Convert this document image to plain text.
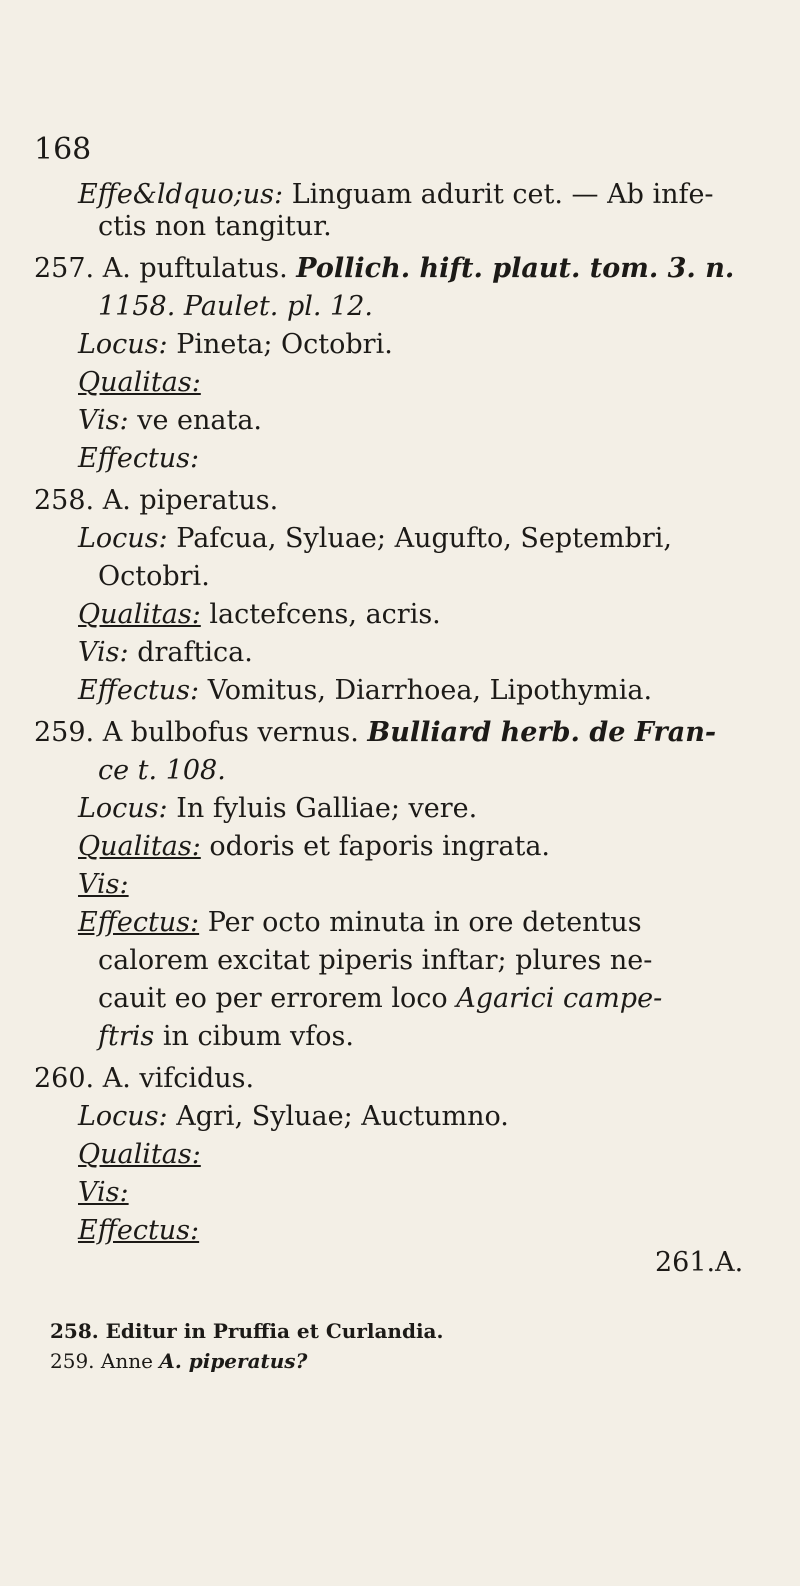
168
Effe&ldquo;us: Linguam adurit cet. — Ab infe-
ctis non tangitur.
257. A. puftulatus. Pollich. hift. plaut. tom. 3. n.
1158. Paulet. pl. 12.
Locus: Pineta; Octobri.
Qualitas:
Vis: ve enata.
Effectus:
258. A. piperatus.
Locus: Pafcua, Syluae; Augufto, Septembri,
Octobri.
Qualitas: lactefcens, acris.
Vis: draftica.
Effectus: Vomitus, Diarrhoea, Lipothymia.
259. A bulbofus vernus. Bulliard herb. de Fran-
ce t. 108.
Locus: In fyluis Galliae; vere.
Qualitas: odoris et faporis ingrata.
Vis:
Effectus: Per octo minuta in ore detentus
calorem excitat piperis inftar; plures ne-
cauit eo per errorem loco Agarici campe-
ftris in cibum vfos.
260. A. vifcidus.
Locus: Agri, Syluae; Auctumno.
Qualitas:
Vis:
Effectus:
261.A.
258. Editur in Pruffia et Curlandia.
259. Anne A. piperatus?
